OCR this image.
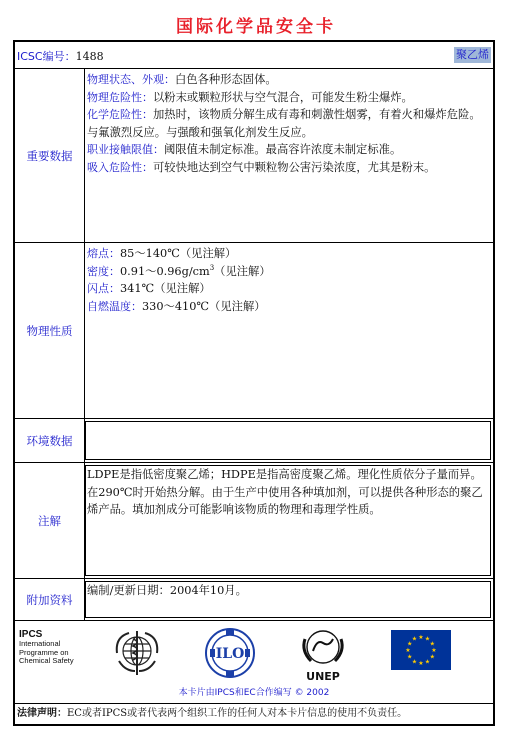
国际化学品安全卡
ICSC编号：1488	聚乙烯
重要数据
物理状态、外观：白色各种形态固体。
物理危险性：以粉末或颗粒形状与空气混合，可能发生粉尘爆炸。
化学危险性：加热时，该物质分解生成有毒和刺激性烟雾，有着火和爆炸危险。与氟激烈反应。与强酸和强氧化剂发生反应。
职业接触限值：阈限值未制定标准。最高容许浓度未制定标准。
吸入危险性：可较快地达到空气中颗粒物公害污染浓度，尤其是粉末。
物理性质
熔点：85～140℃（见注解）
密度：$0.91\sim 0.96g/cm^3$（见注解）
闪点：341℃（见注解）
自燃温度：330～410℃（见注解）
环境数据
注解
LDPE是指低密度聚乙烯；HDPE是指高密度聚乙烯。理化性质依分子量而异。在290℃时开始热分解。由于生产中使用各种填加剂，可以提供各种形态的聚乙烯产品。填加剂成分可能影响该物质的物理和毒理学性质。
附加资料
编制/更新日期：2004年10月。
IPCS
International
Programme on
Chemical Safety	ILO
UNEP
★ ★
★
★
★
★
★
★
★
★
★
★
本卡片由IPCS和EC合作编写 © 2002
法律声明：EC或者IPCS或者代表两个组织工作的任何人对本卡片信息的使用不负责任。
